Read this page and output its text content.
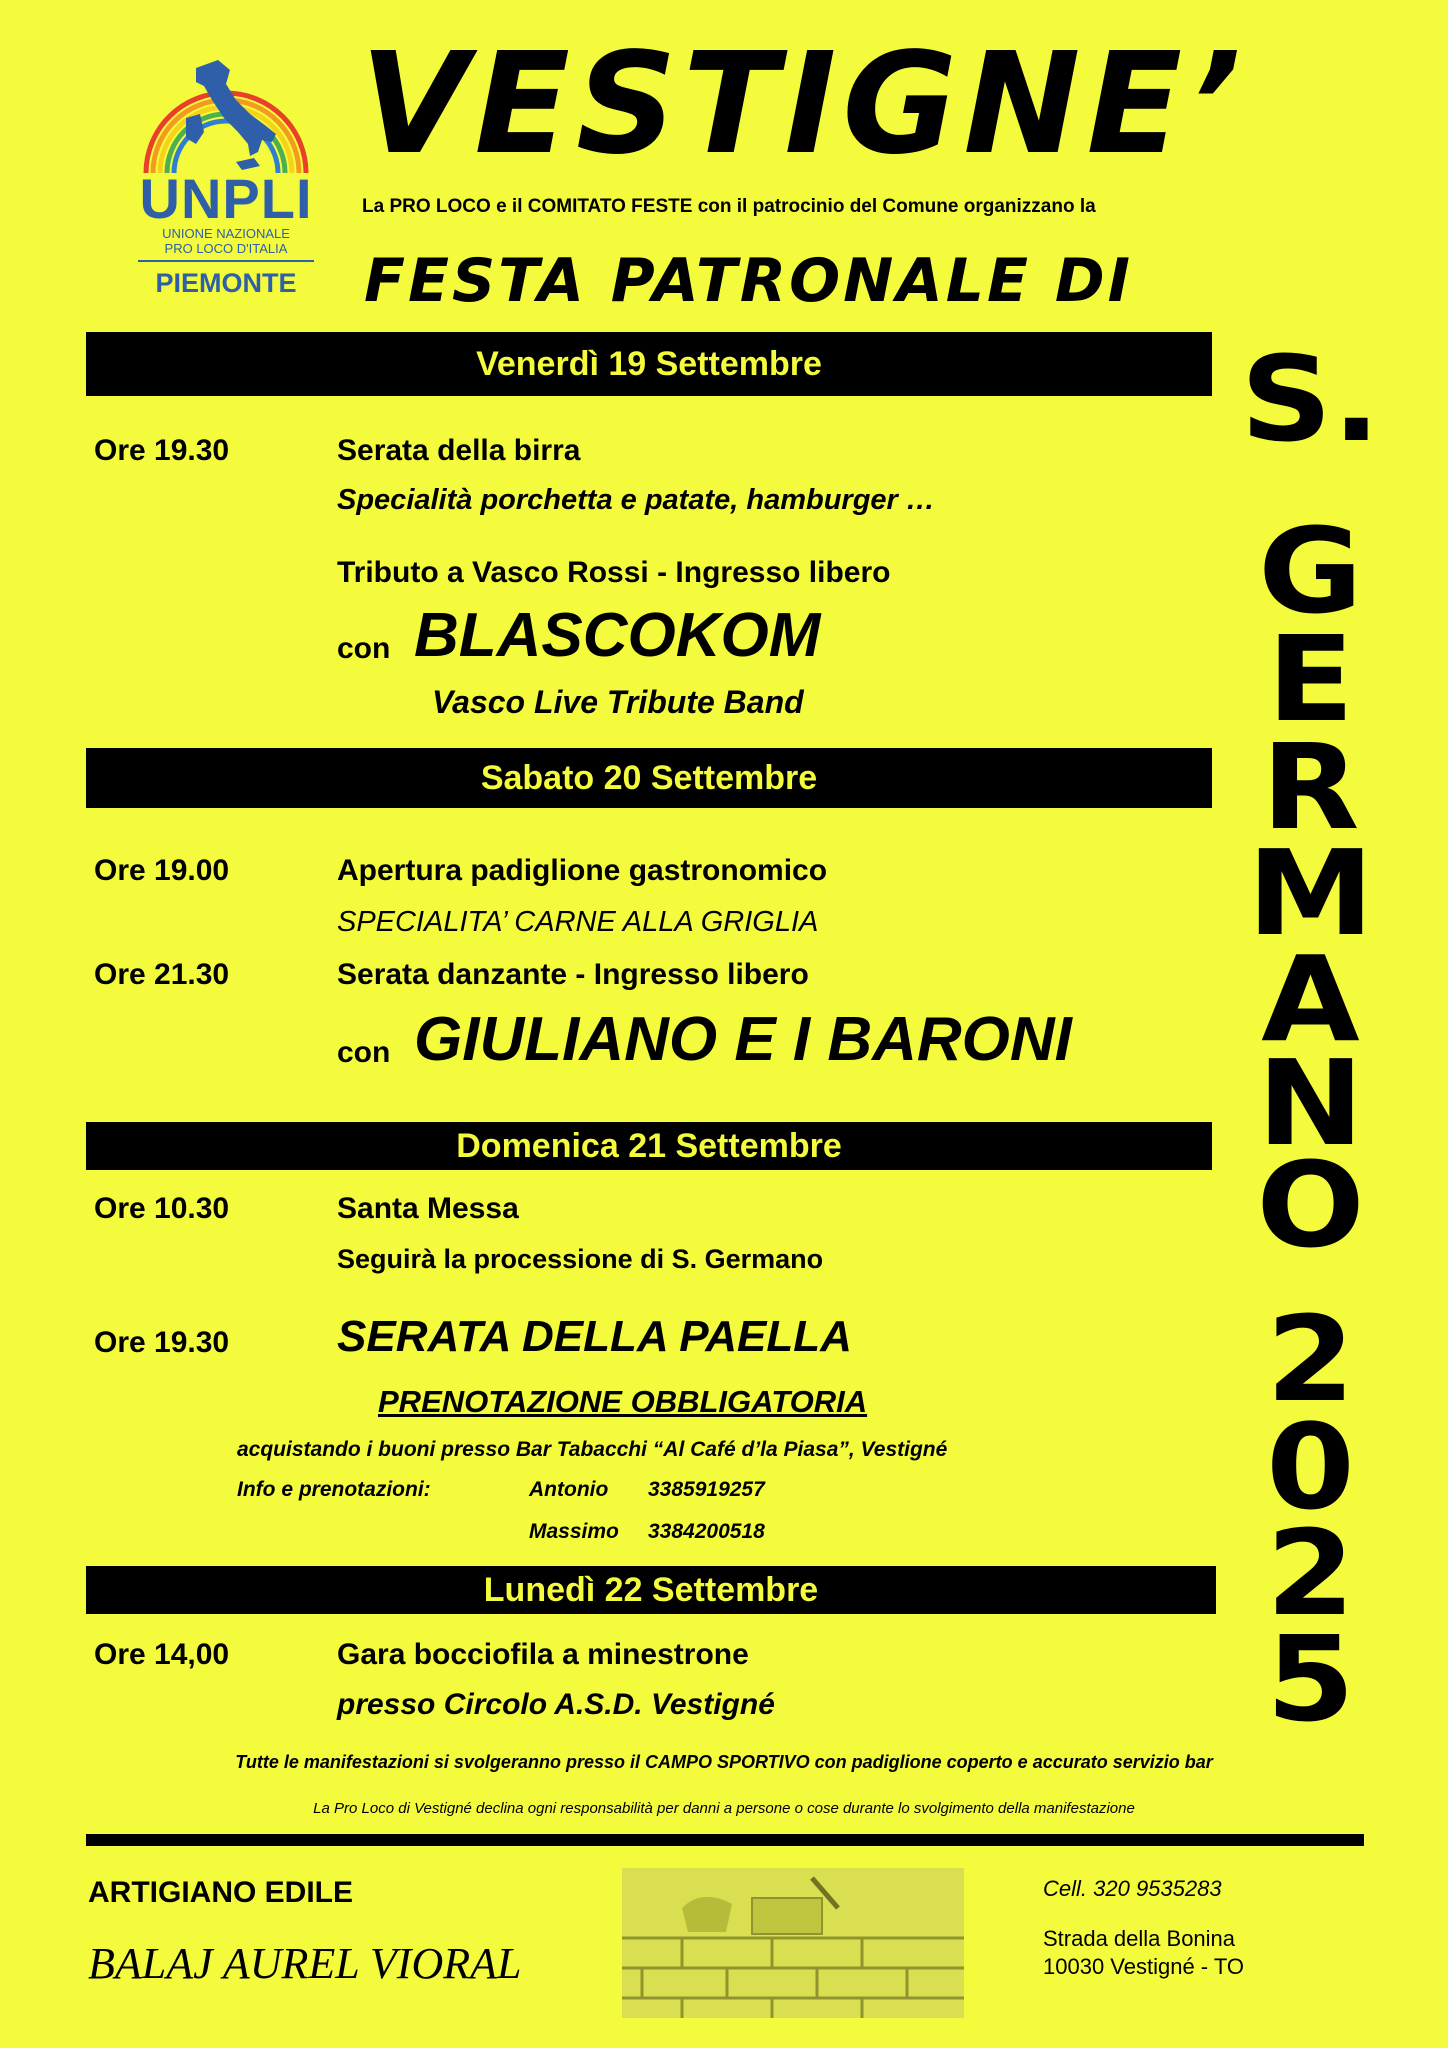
UNPLI
UNIONE NAZIONALE
PRO LOCO D'ITALIA
PIEMONTE
VESTIGNE’
La PRO LOCO e il COMITATO FESTE con il patrocinio del Comune organizzano la
FESTA PATRONALE DI
S.
G
E
R
M
A
N
O
2
0
2
5
Venerdì 19 Settembre
Ore 19.30	Serata della birra
Specialità porchetta e patate, hamburger …
Tributo a Vasco Rossi - Ingresso libero
con BLASCOKOM
Vasco Live Tribute Band
Sabato 20 Settembre
Ore 19.00	Apertura padiglione gastronomico
SPECIALITA’ CARNE ALLA GRIGLIA
Ore 21.30	Serata danzante - Ingresso libero
con GIULIANO E I BARONI
Domenica 21 Settembre
Ore 10.30	Santa Messa
Seguirà la processione di S. Germano
Ore 19.30 SERATA DELLA PAELLA
PRENOTAZIONE OBBLIGATORIA
acquistando i buoni presso Bar Tabacchi “Al Café d’la Piasa”, Vestigné
Info e prenotazioni:	Antonio 3385919257
Massimo 3384200518
Lunedì 22 Settembre
Ore 14,00	Gara bocciofila a minestrone
presso Circolo A.S.D. Vestigné
Tutte le manifestazioni si svolgeranno presso il CAMPO SPORTIVO con padiglione coperto e accurato servizio bar
La Pro Loco di Vestigné declina ogni responsabilità per danni a persone o cose durante lo svolgimento della manifestazione
ARTIGIANO EDILE
BALAJ AUREL VIORAL
Cell. 320 9535283
Strada della Bonina
10030 Vestigné - TO
